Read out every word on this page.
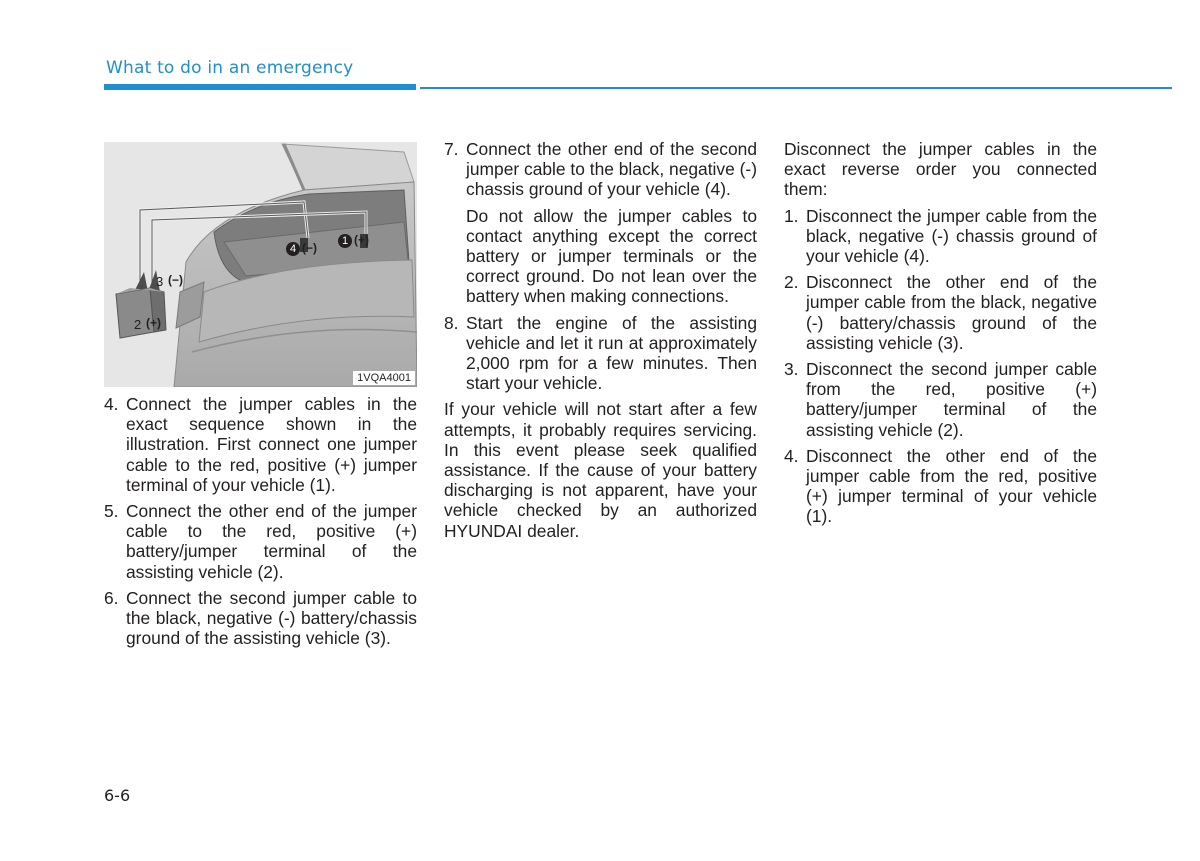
What to do in an emergency
1 (+)
4 (−)
3 (−)
2 (+)
1VQA4001
4. Connect the jumper cables in the exact sequence shown in the illustration. First connect one jumper cable to the red, positive (+) jumper terminal of your vehicle (1).
5. Connect the other end of the jumper cable to the red, positive (+) battery/jumper terminal of the assisting vehicle (2).
6. Connect the second jumper cable to the black, negative (-) battery/chassis ground of the assisting vehicle (3).
7. Connect the other end of the second jumper cable to the black, negative (-) chassis ground of your vehicle (4).

Do not allow the jumper cables to contact anything except the correct battery or jumper terminals or the correct ground. Do not lean over the battery when making connections.

8. Start the engine of the assisting vehicle and let it run at approximately 2,000 rpm for a few minutes. Then start your vehicle.

If your vehicle will not start after a few attempts, it probably requires servicing. In this event please seek qualified assistance. If the cause of your battery discharging is not apparent, have your vehicle checked by an authorized HYUNDAI dealer.

Disconnect the jumper cables in the exact reverse order you connected them:

1. Disconnect the jumper cable from the black, negative (-) chassis ground of your vehicle (4).
2. Disconnect the other end of the jumper cable from the black, negative (-) battery/chassis ground of the assisting vehicle (3).
3. Disconnect the second jumper cable from the red, positive (+) battery/jumper terminal of the assisting vehicle (2).
4. Disconnect the other end of the jumper cable from the red, positive (+) jumper terminal of your vehicle (1).
6-6
